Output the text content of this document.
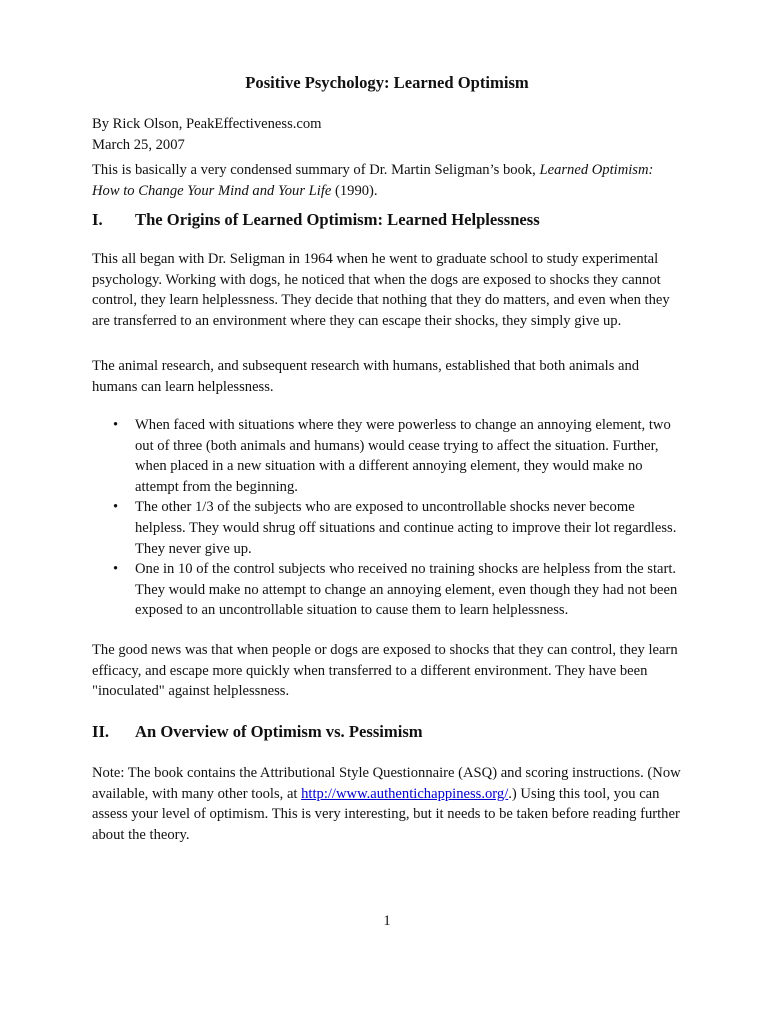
Positive Psychology: Learned Optimism

By Rick Olson, PeakEffectiveness.com
March 25, 2007

This is basically a very condensed summary of Dr. Martin Seligman’s book, Learned Optimism: How to Change Your Mind and Your Life (1990).

I. The Origins of Learned Optimism: Learned Helplessness

This all began with Dr. Seligman in 1964 when he went to graduate school to study experimental psychology. Working with dogs, he noticed that when the dogs are exposed to shocks they cannot control, they learn helplessness. They decide that nothing that they do matters, and even when they are transferred to an environment where they can escape their shocks, they simply give up.

The animal research, and subsequent research with humans, established that both animals and humans can learn helplessness.

• When faced with situations where they were powerless to change an annoying element, two out of three (both animals and humans) would cease trying to affect the situation. Further, when placed in a new situation with a different annoying element, they would make no attempt from the beginning.
• The other 1/3 of the subjects who are exposed to uncontrollable shocks never become helpless. They would shrug off situations and continue acting to improve their lot regardless. They never give up.
• One in 10 of the control subjects who received no training shocks are helpless from the start. They would make no attempt to change an annoying element, even though they had not been exposed to an uncontrollable situation to cause them to learn helplessness.

The good news was that when people or dogs are exposed to shocks that they can control, they learn efficacy, and escape more quickly when transferred to a different environment. They have been "inoculated" against helplessness.

II. An Overview of Optimism vs. Pessimism

Note: The book contains the Attributional Style Questionnaire (ASQ) and scoring instructions. (Now available, with many other tools, at http://www.authentichappiness.org/.) Using this tool, you can assess your level of optimism. This is very interesting, but it needs to be taken before reading further about the theory.

1
